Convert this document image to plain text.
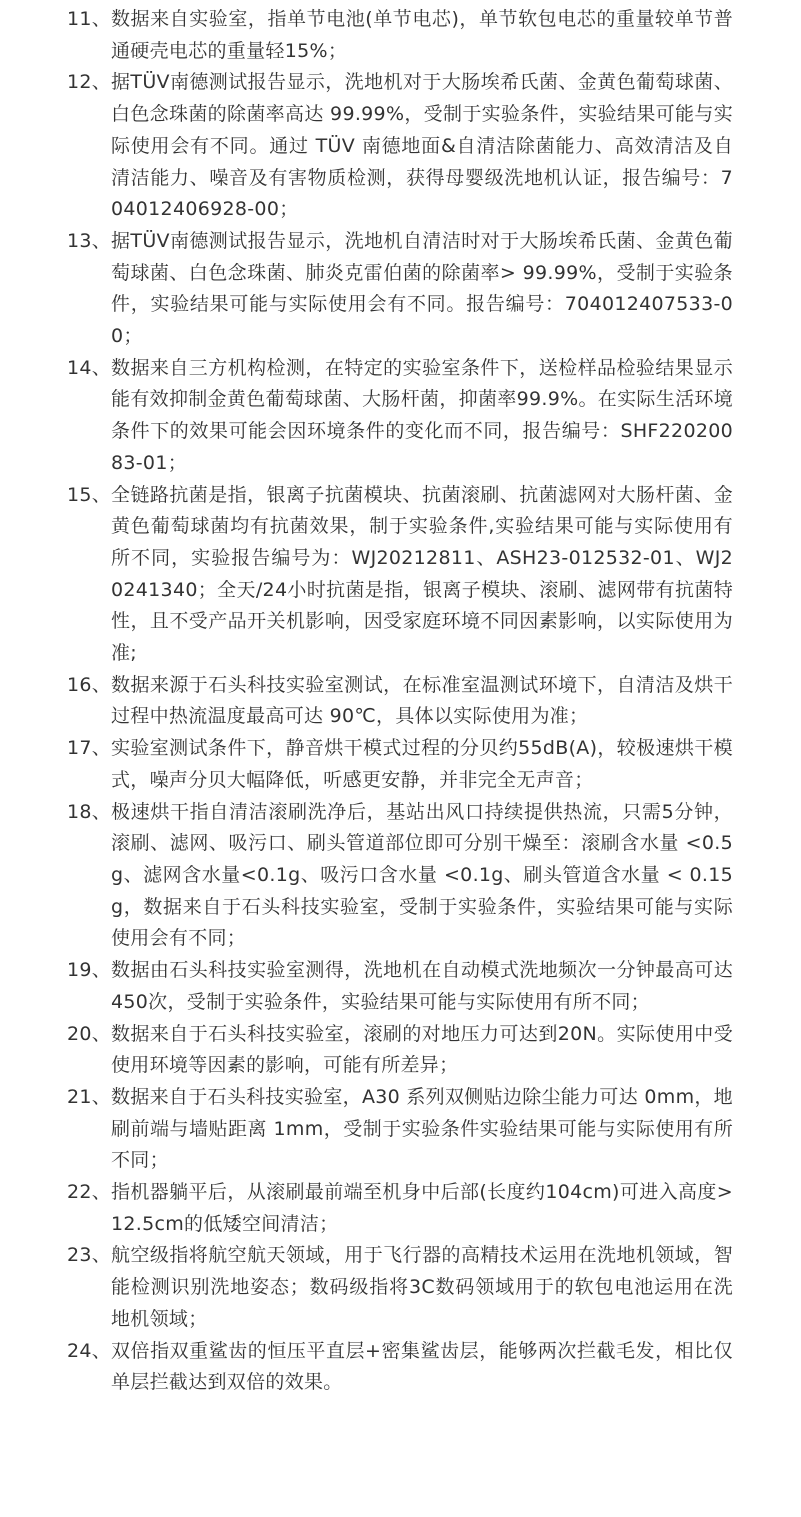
11、 数据来自实验室，指单节电池(单节电芯)，单节软包电芯的重量较单节普通硬壳电芯的重量轻15%；
12、 据TÜV南德测试报告显示，洗地机对于大肠埃希氏菌、金黄色葡萄球菌、白色念珠菌的除菌率高达 99.99%，受制于实验条件，实验结果可能与实际使用会有不同。通过 TÜV 南德地面&自清洁除菌能力、高效清洁及自清洁能力、噪音及有害物质检测，获得母婴级洗地机认证，报告编号：704012406928-00；
13、 据TÜV南德测试报告显示，洗地机自清洁时对于大肠埃希氏菌、金黄色葡萄球菌、白色念珠菌、肺炎克雷伯菌的除菌率> 99.99%，受制于实验条件，实验结果可能与实际使用会有不同。报告编号：704012407533-00；
14、 数据来自三方机构检测，在特定的实验室条件下，送检样品检验结果显示能有效抑制金黄色葡萄球菌、大肠杆菌，抑菌率99.9%。在实际生活环境条件下的效果可能会因环境条件的变化而不同，报告编号：SHF22020083-01；
15、 全链路抗菌是指，银离子抗菌模块、抗菌滚刷、抗菌滤网对大肠杆菌、金黄色葡萄球菌均有抗菌效果，制于实验条件,实验结果可能与实际使用有所不同，实验报告编号为：WJ20212811、ASH23-012532-01、WJ20241340；全天/24小时抗菌是指，银离子模块、滚刷、滤网带有抗菌特性，且不受产品开关机影响，因受家庭环境不同因素影响，以实际使用为准;
16、 数据来源于石头科技实验室测试，在标准室温测试环境下，自清洁及烘干过程中热流温度最高可达 90℃，具体以实际使用为准；
17、 实验室测试条件下，静音烘干模式过程的分贝约55dB(A)，较极速烘干模式，噪声分贝大幅降低，听感更安静，并非完全无声音；
18、 极速烘干指自清洁滚刷洗净后，基站出风口持续提供热流，只需5分钟，滚刷、滤网、吸污口、刷头管道部位即可分别干燥至：滚刷含水量 <0.5g、滤网含水量<0.1g、吸污口含水量 <0.1g、刷头管道含水量 < 0.15g，数据来自于石头科技实验室，受制于实验条件，实验结果可能与实际使用会有不同；
19、 数据由石头科技实验室测得，洗地机在自动模式洗地频次一分钟最高可达450次，受制于实验条件，实验结果可能与实际使用有所不同；
20、 数据来自于石头科技实验室，滚刷的对地压力可达到20N。实际使用中受使用环境等因素的影响，可能有所差异；
21、 数据来自于石头科技实验室，A30 系列双侧贴边除尘能力可达 0mm，地刷前端与墙贴距离 1mm，受制于实验条件实验结果可能与实际使用有所不同；
22、 指机器躺平后，从滚刷最前端至机身中后部(长度约104cm)可进入高度>12.5cm的低矮空间清洁；
23、 航空级指将航空航天领域，用于飞行器的高精技术运用在洗地机领域，智能检测识别洗地姿态；数码级指将3C数码领域用于的软包电池运用在洗地机领域；
24、 双倍指双重鲨齿的恒压平直层+密集鲨齿层，能够两次拦截毛发，相比仅单层拦截达到双倍的效果。
